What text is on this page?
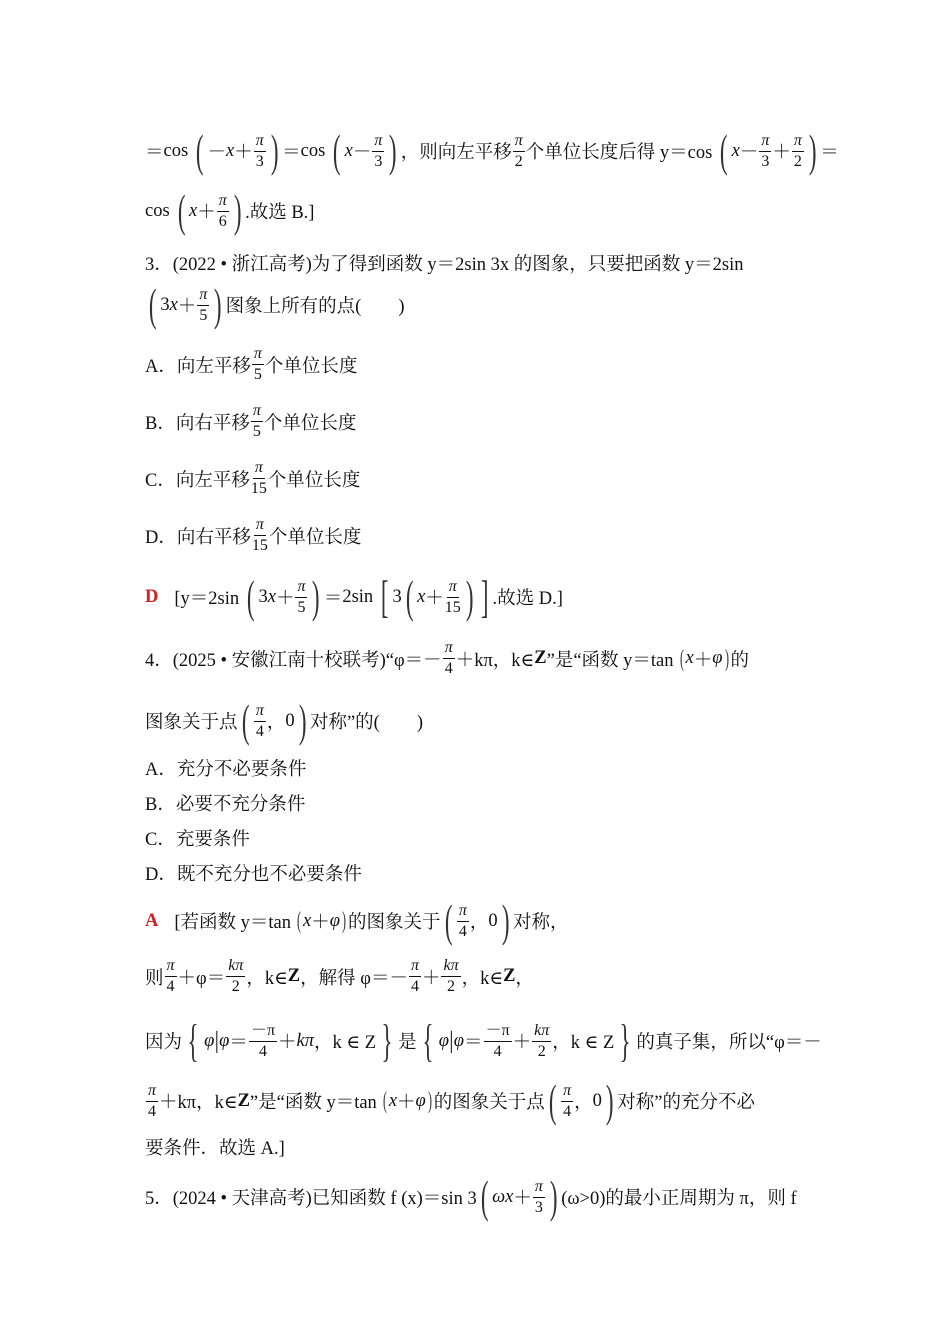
＝ cos ( － $x + \frac{\pi}{3}$ ) ＝ cos ( $x - \frac{\pi}{3}$ ) ，则向左平移 $\frac{\pi}{2}$ 个单位长度后得 y＝cos ( $x - \frac{\pi}{3} + \frac{\pi}{2}$ ) ＝
cos ( $x + \frac{\pi}{6}$ ) .故选 B.]
3．(2022 • 浙江高考)为了得到函数 y＝2sin 3x 的图象，只要把函数 y＝2sin
( 3 $x + \frac{\pi}{5}$ ) 图象上所有的点(　　)
A． 向左平移 $\frac{\pi}{5}$ 个单位长度
B． 向右平移 $\frac{\pi}{5}$ 个单位长度
C． 向左平移 $\frac{\pi}{15}$ 个单位长度
D． 向右平移 $\frac{\pi}{15}$ 个单位长度
D [y＝2sin ( 3 $x + \frac{\pi}{5}$ ) ＝ 2sin [ 3 ( $x + \frac{\pi}{15}$ ) ] .故选 D.]
4．(2025 • 安徽江南十校联考)“φ＝－ $\frac{\pi}{4} +k\pi$，k∈ Z ”是“函数 y＝tan ( x ＋ φ ) 的
图象关于点 ( $\frac{\pi}{4}$ ， 0 ) 对称”的(　　)
A．充分不必要条件
B．必要不充分条件
C．充要条件
D．既不充分也不必要条件
A [若函数 y＝tan ( x ＋ φ ) 的图象关于 ( $\frac{\pi}{4}$ ， 0 ) 对称，
则 $\frac{\pi}{4} +\varphi= \frac{k\pi}{2}$ ，k∈ Z ，解得 $\varphi=- \frac{\pi}{4} + \frac{k\pi}{2}$ ，k∈ Z ，
因为 { φ | $\varphi = \frac{-\pi}{4} + k\pi$ ，k ∈ Z } 是 { φ | $\varphi = \frac{-\pi}{4} + \frac{k\pi}{2}$ ，k ∈ Z } 的真子集，所以“φ＝－
$\frac{\pi}{4} +k\pi$，k∈ Z ”是“函数 y＝tan ( x ＋ φ ) 的图象关于点 ( $\frac{\pi}{4}$ ， 0 ) 对称”的充分不必
要条件．故选 A.]
5．(2024 • 天津高考)已知函数 f (x)＝sin 3 ( ω $x + \frac{\pi}{3}$ ) (ω>0)的最小正周期为 π，则 f
